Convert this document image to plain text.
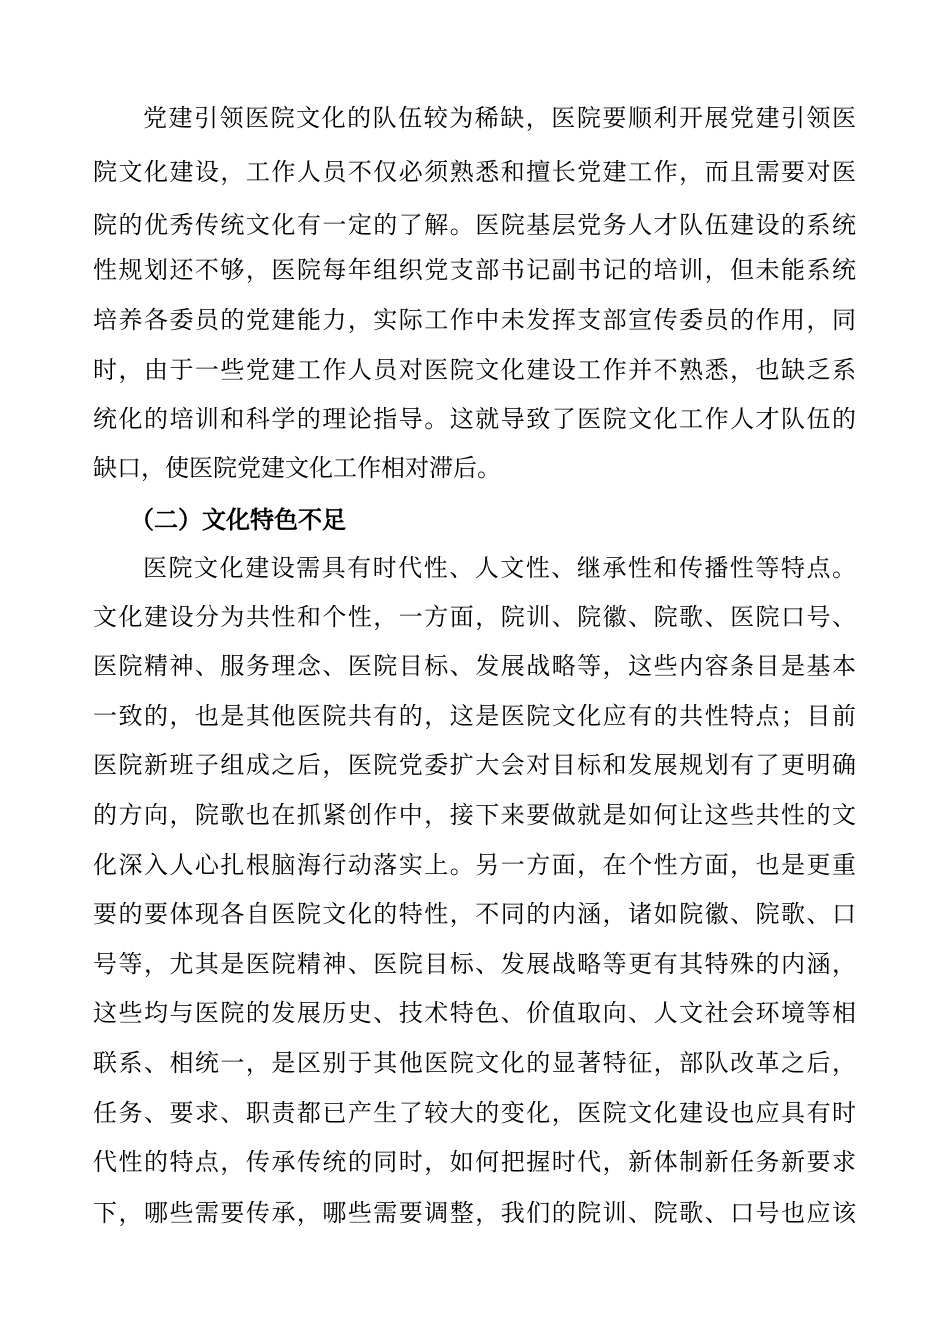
党建引领医院文化的队伍较为稀缺，医院要顺利开展党建引领医
院文化建设，工作人员不仅必须熟悉和擅长党建工作，而且需要对医
院的优秀传统文化有一定的了解。医院基层党务人才队伍建设的系统
性规划还不够，医院每年组织党支部书记副书记的培训，但未能系统
培养各委员的党建能力，实际工作中未发挥支部宣传委员的作用，同
时，由于一些党建工作人员对医院文化建设工作并不熟悉，也缺乏系
统化的培训和科学的理论指导。这就导致了医院文化工作人才队伍的
缺口，使医院党建文化工作相对滞后。
（二）文化特色不足
医院文化建设需具有时代性、人文性、继承性和传播性等特点。
文化建设分为共性和个性，一方面，院训、院徽、院歌、医院口号、
医院精神、服务理念、医院目标、发展战略等，这些内容条目是基本
一致的，也是其他医院共有的，这是医院文化应有的共性特点；目前
医院新班子组成之后，医院党委扩大会对目标和发展规划有了更明确
的方向，院歌也在抓紧创作中，接下来要做就是如何让这些共性的文
化深入人心扎根脑海行动落实上。另一方面，在个性方面，也是更重
要的要体现各自医院文化的特性，不同的内涵，诸如院徽、院歌、口
号等，尤其是医院精神、医院目标、发展战略等更有其特殊的内涵，
这些均与医院的发展历史、技术特色、价值取向、人文社会环境等相
联系、相统一，是区别于其他医院文化的显著特征，部队改革之后，
任务、要求、职责都已产生了较大的变化，医院文化建设也应具有时
代性的特点，传承传统的同时，如何把握时代，新体制新任务新要求
下，哪些需要传承，哪些需要调整，我们的院训、院歌、口号也应该
